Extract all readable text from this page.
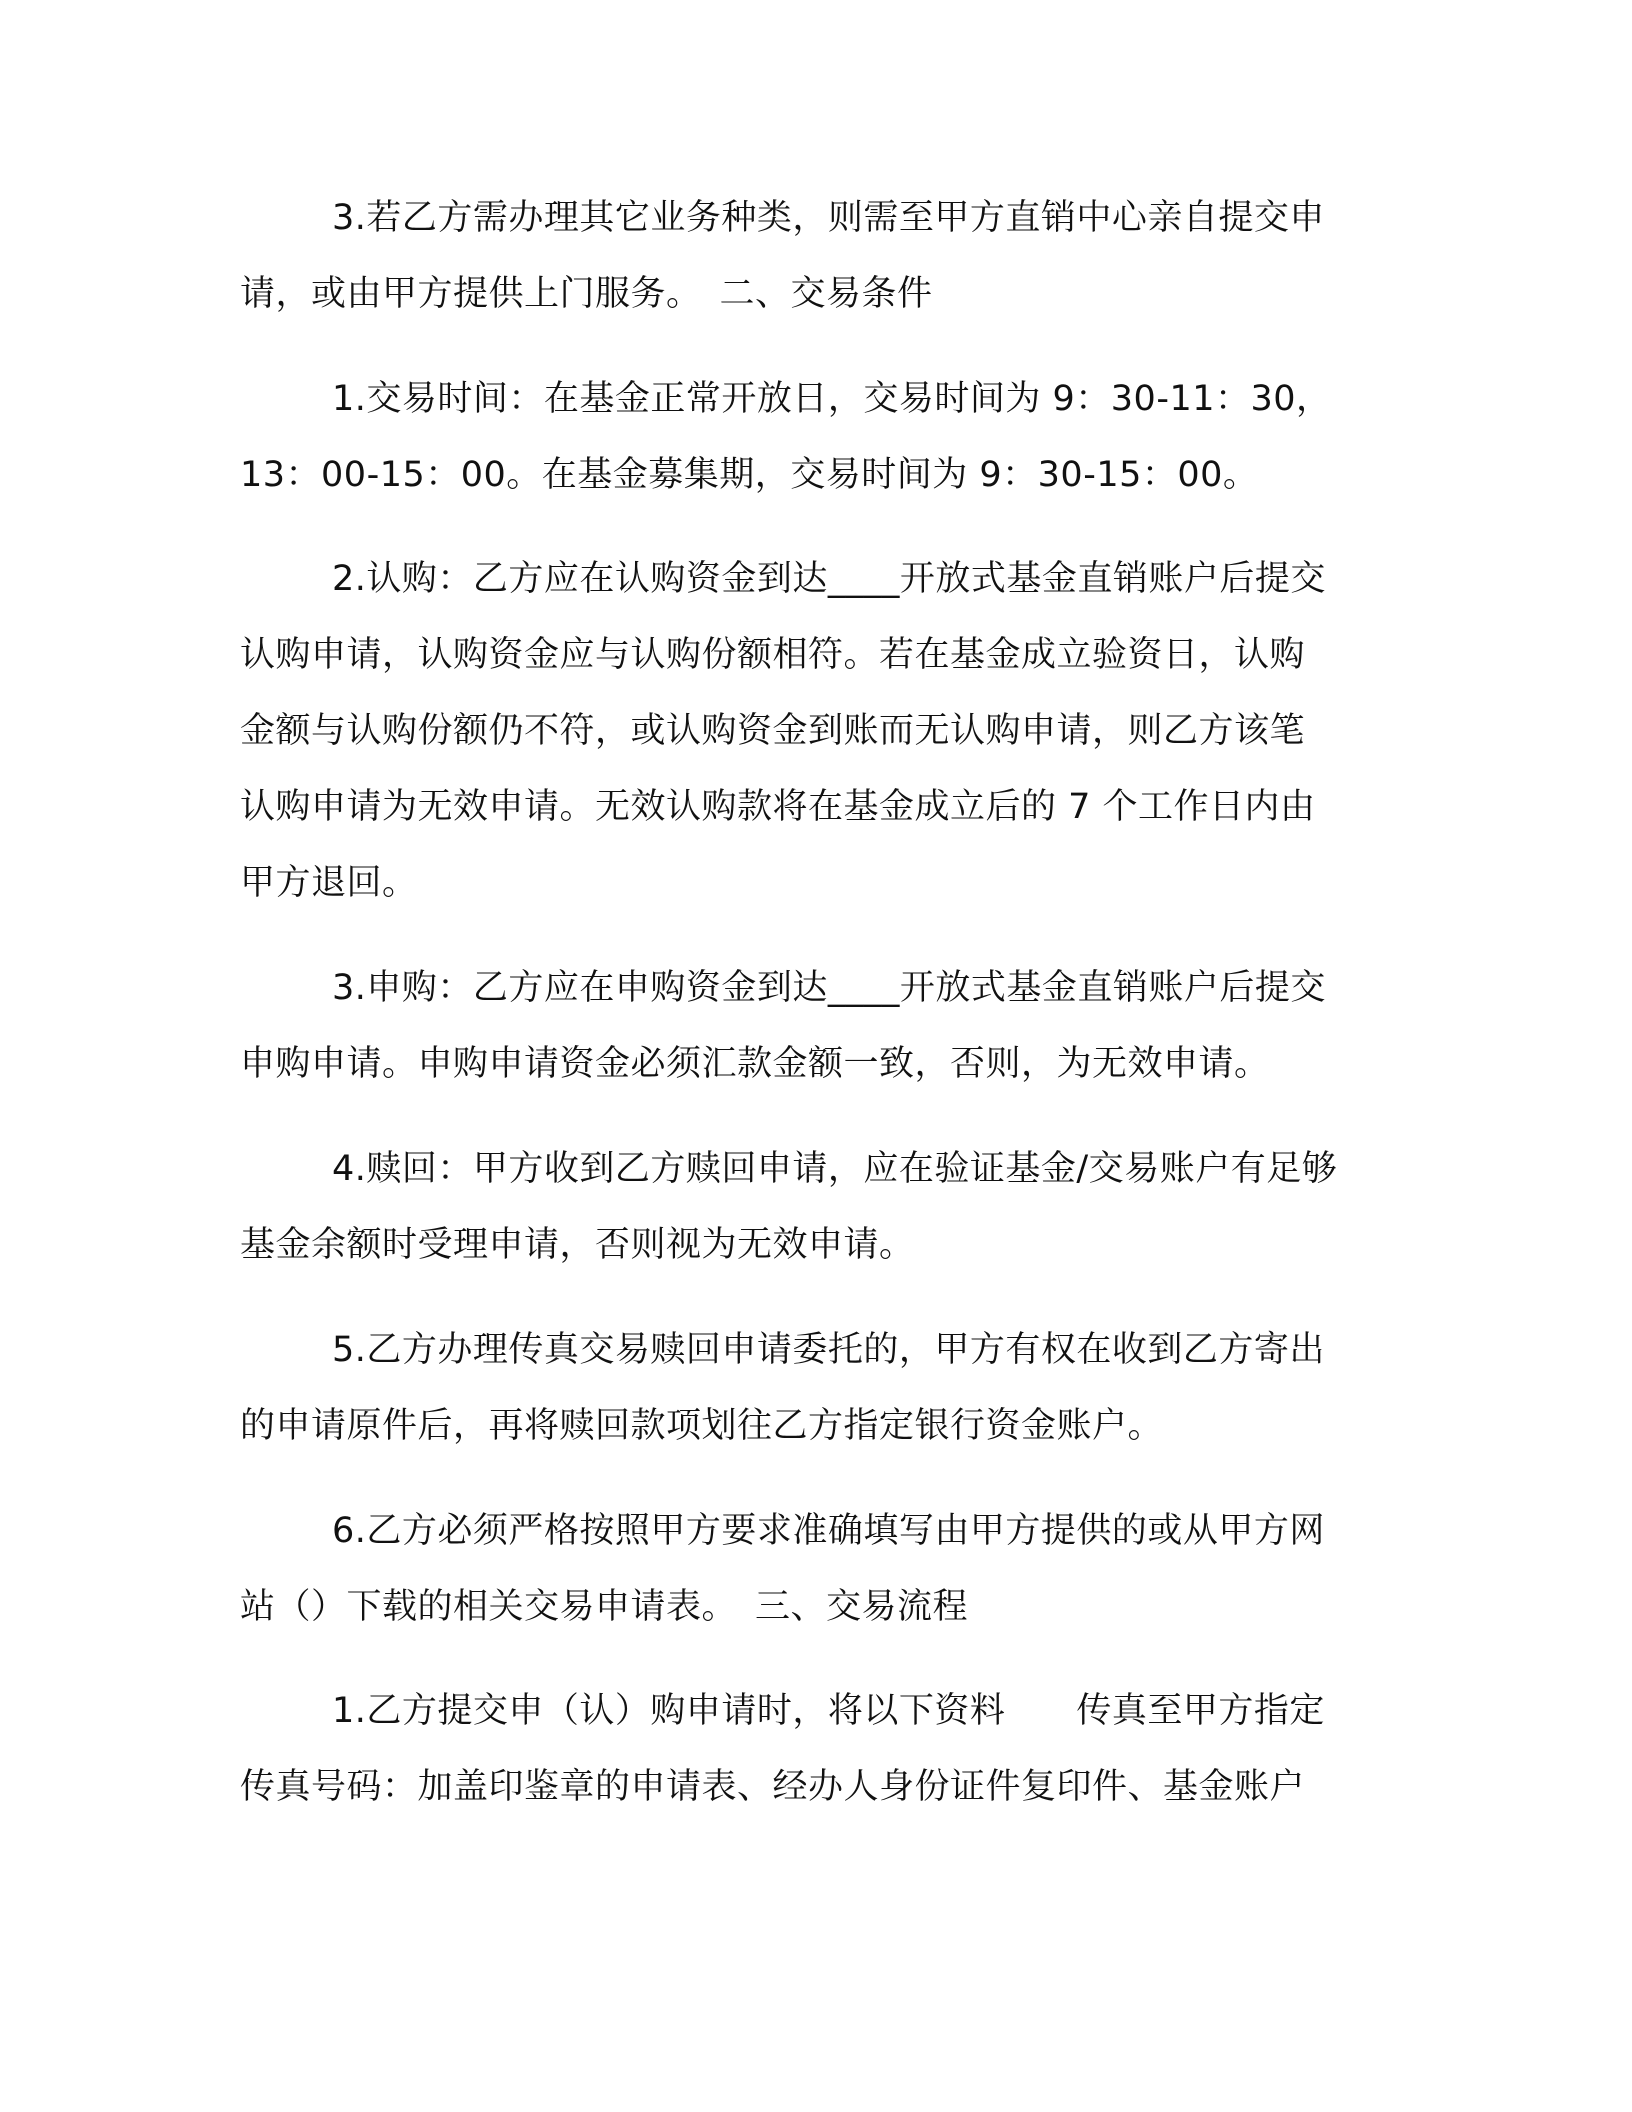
3.若乙方需办理其它业务种类，则需至甲方直销中心亲自提交申
请，或由甲方提供上门服务。　二、交易条件
1.交易时间：在基金正常开放日，交易时间为 9：30-11：30，
13：00-15：00。在基金募集期，交易时间为 9：30-15：00。
2.认购：乙方应在认购资金到达____开放式基金直销账户后提交
认购申请，认购资金应与认购份额相符。若在基金成立验资日，认购
金额与认购份额仍不符，或认购资金到账而无认购申请，则乙方该笔
认购申请为无效申请。无效认购款将在基金成立后的 7 个工作日内由
甲方退回。
3.申购：乙方应在申购资金到达____开放式基金直销账户后提交
申购申请。申购申请资金必须汇款金额一致，否则，为无效申请。
4.赎回：甲方收到乙方赎回申请，应在验证基金/交易账户有足够
基金余额时受理申请，否则视为无效申请。
5.乙方办理传真交易赎回申请委托的，甲方有权在收到乙方寄出
的申请原件后，再将赎回款项划往乙方指定银行资金账户。
6.乙方必须严格按照甲方要求准确填写由甲方提供的或从甲方网
站（）下载的相关交易申请表。　三、交易流程
1.乙方提交申（认）购申请时，将以下资料　　传真至甲方指定
传真号码：加盖印鉴章的申请表、经办人身份证件复印件、基金账户
